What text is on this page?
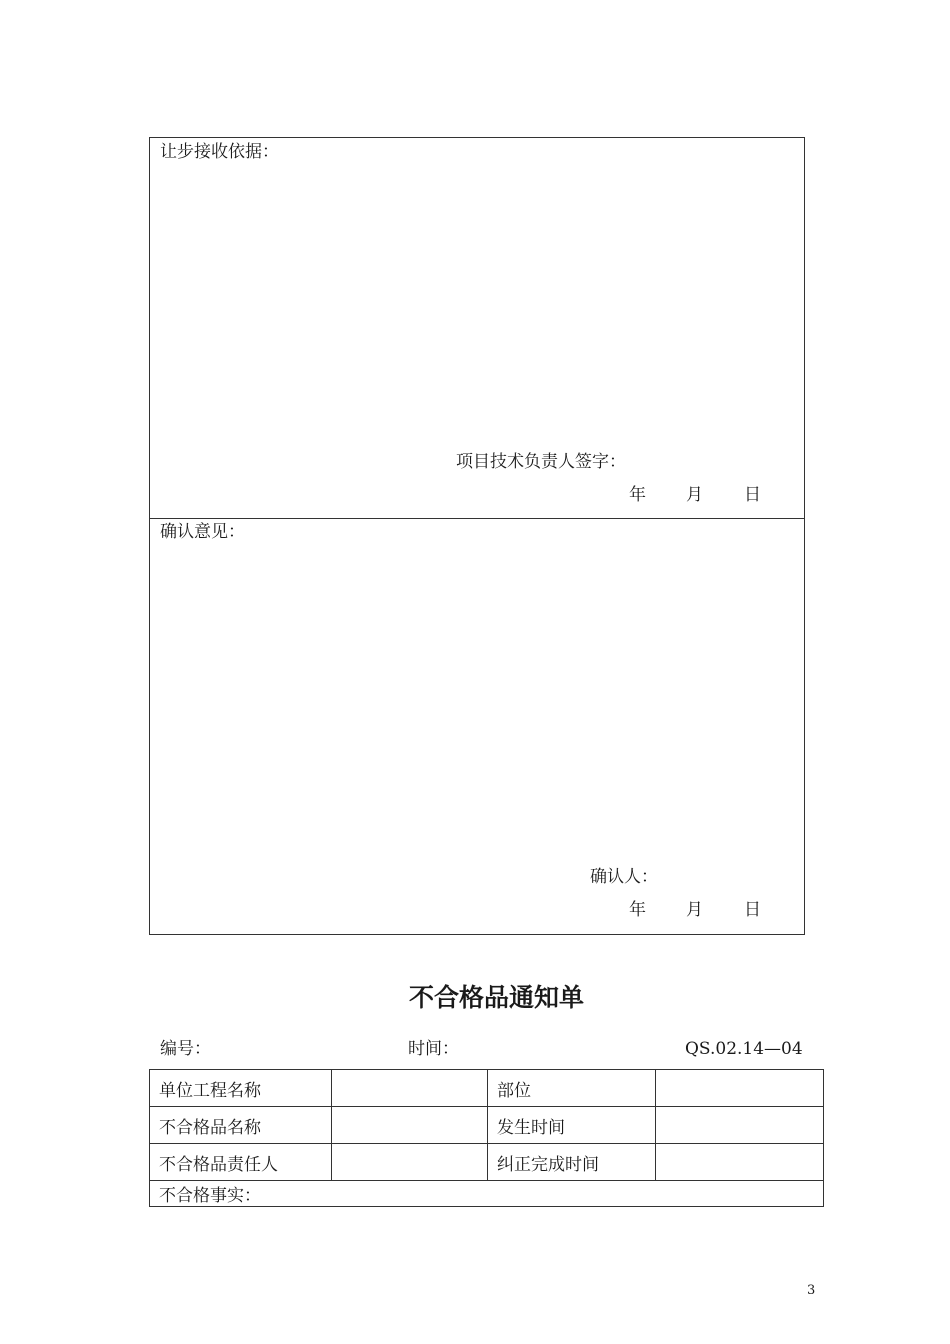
让步接收依据：
项目技术负责人签字：
年 月 日
确认意见：
确认人：
年 月 日
不合格品通知单
编号：	时间：	QS.02.14—04
单位工程名称		部位	
不合格品名称		发生时间	
不合格品责任人		纠正完成时间	
不合格事实：			
3
